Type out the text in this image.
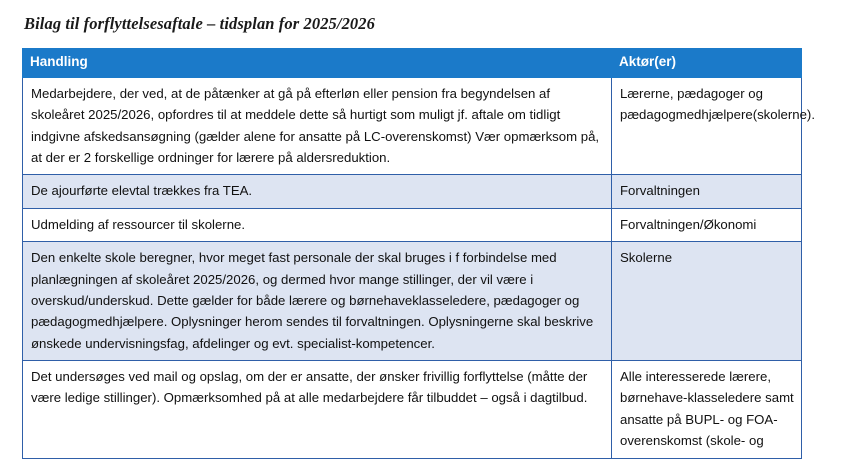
Bilag til forflyttelsesaftale – tidsplan for 2025/2026
Handling	Aktør(er)

Medarbejdere, der ved, at de påtænker at gå på efterløn eller pension fra begyndelsen af skoleåret 2025/2026, opfordres til at meddele dette så hurtigt som muligt jf. aftale om tidligt indgivne afskedsansøgning (gælder alene for ansatte på LC-overenskomst) Vær opmærksom på, at der er 2 forskellige ordninger for lærere på aldersreduktion.	Lærerne, pædagoger og pædagogmedhjælpere(skolerne).

De ajourførte elevtal trækkes fra TEA.	Forvaltningen

Udmelding af ressourcer til skolerne.	Forvaltningen/Økonomi

Den enkelte skole beregner, hvor meget fast personale der skal bruges i f forbindelse med planlægningen af skoleåret 2025/2026, og dermed hvor mange stillinger, der vil være i overskud/underskud. Dette gælder for både lærere og børnehaveklasseledere, pædagoger og pædagogmedhjælpere. Oplysninger herom sendes til forvaltningen. Oplysningerne skal beskrive ønskede undervisningsfag, afdelinger og evt. specialist-kompetencer.	Skolerne

Det undersøges ved mail og opslag, om der er ansatte, der ønsker frivillig forflyttelse (måtte der være ledige stillinger). Opmærksomhed på at alle medarbejdere får tilbuddet – også i dagtilbud.	Alle interesserede lærere, børnehave-klasseledere samt ansatte på BUPL- og FOA-overenskomst (skole- og
